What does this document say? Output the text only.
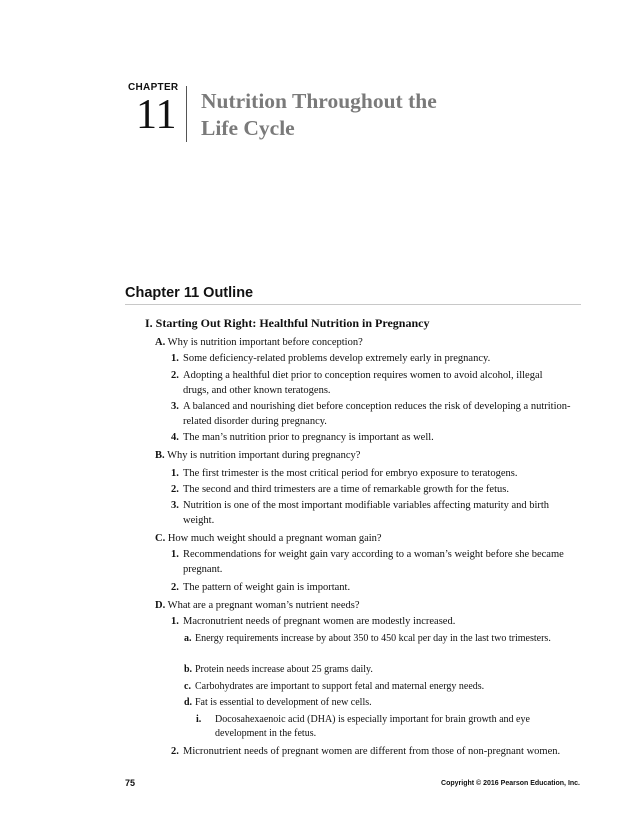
CHAPTER
11 Nutrition Throughout the
Life Cycle
Chapter 11 Outline
I. Starting Out Right: Healthful Nutrition in Pregnancy
A. Why is nutrition important before conception?
1. Some deficiency-related problems develop extremely early in pregnancy.
2. Adopting a healthful diet prior to conception requires women to avoid alcohol, illegal drugs, and other known teratogens.
3. A balanced and nourishing diet before conception reduces the risk of developing a nutrition-related disorder during pregnancy.
4. The man’s nutrition prior to pregnancy is important as well.
B. Why is nutrition important during pregnancy?
1. The first trimester is the most critical period for embryo exposure to teratogens.
2. The second and third trimesters are a time of remarkable growth for the fetus.
3. Nutrition is one of the most important modifiable variables affecting maturity and birth weight.
C. How much weight should a pregnant woman gain?
1. Recommendations for weight gain vary according to a woman’s weight before she became pregnant.
2. The pattern of weight gain is important.
D. What are a pregnant woman’s nutrient needs?
1. Macronutrient needs of pregnant women are modestly increased.
a. Energy requirements increase by about 350 to 450 kcal per day in the last two trimesters.
b. Protein needs increase about 25 grams daily.
c. Carbohydrates are important to support fetal and maternal energy needs.
d. Fat is essential to development of new cells.
i.	Docosahexaenoic acid (DHA) is especially important for brain growth and eye development in the fetus.
2. Micronutrient needs of pregnant women are different from those of non-pregnant women.
75	Copyright © 2016 Pearson Education, Inc.
